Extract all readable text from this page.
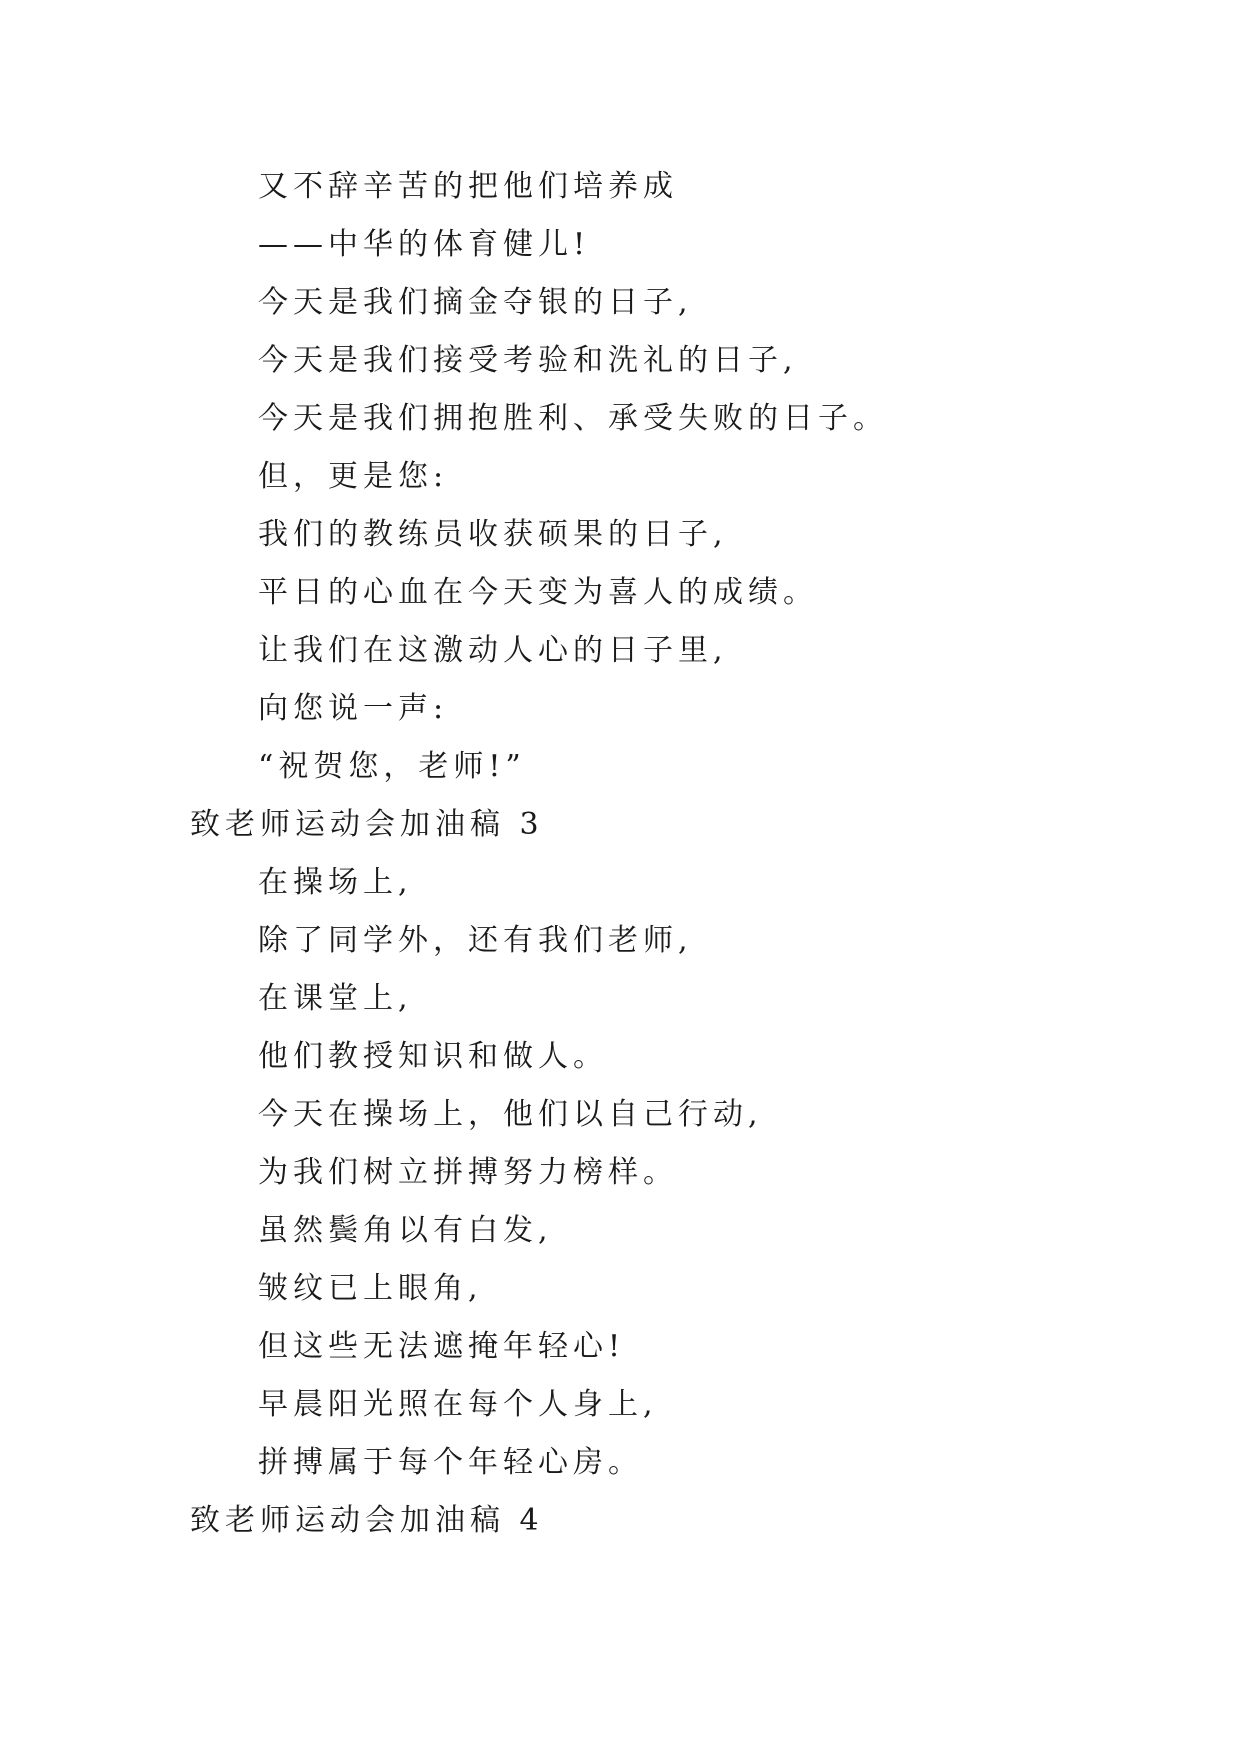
又不辞辛苦的把他们培养成
——中华的体育健儿!
今天是我们摘金夺银的日子,
今天是我们接受考验和洗礼的日子,
今天是我们拥抱胜利、承受失败的日子。
但，更是您:
我们的教练员收获硕果的日子,
平日的心血在今天变为喜人的成绩。
让我们在这激动人心的日子里,
向您说一声:
“祝贺您，老师!”
致老师运动会加油稿 3
在操场上,
除了同学外，还有我们老师,
在课堂上,
他们教授知识和做人。
今天在操场上，他们以自己行动,
为我们树立拼搏努力榜样。
虽然鬓角以有白发,
皱纹已上眼角,
但这些无法遮掩年轻心!
早晨阳光照在每个人身上,
拼搏属于每个年轻心房。
致老师运动会加油稿 4
